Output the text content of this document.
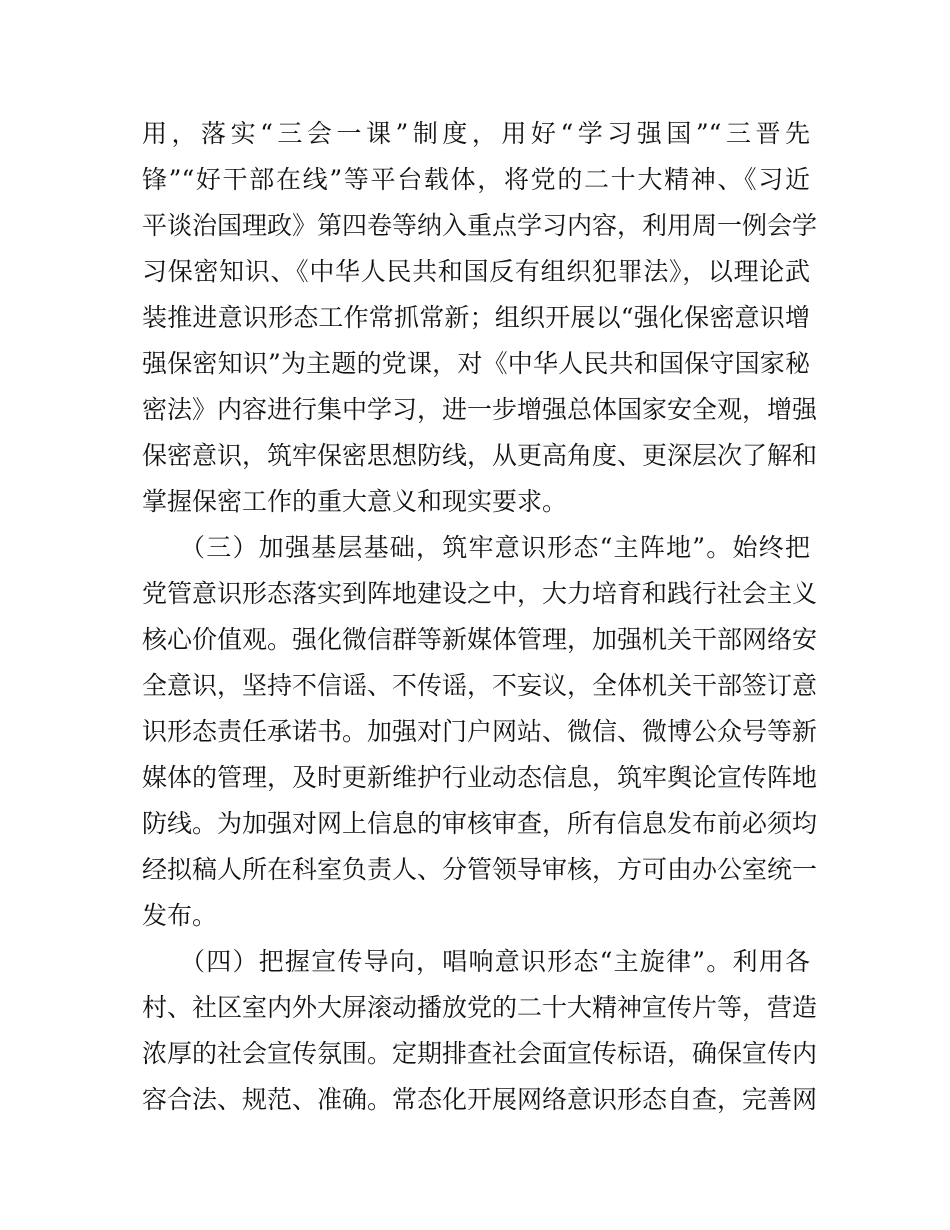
用，落实“三会一课”制度，用好“学习强国”“三晋先
锋”“好干部在线”等平台载体，将党的二十大精神、《习近
平谈治国理政》第四卷等纳入重点学习内容，利用周一例会学
习保密知识、《中华人民共和国反有组织犯罪法》，以理论武
装推进意识形态工作常抓常新；组织开展以“强化保密意识增
强保密知识”为主题的党课，对《中华人民共和国保守国家秘
密法》内容进行集中学习，进一步增强总体国家安全观，增强
保密意识，筑牢保密思想防线，从更高角度、更深层次了解和
掌握保密工作的重大意义和现实要求。
（三）加强基层基础，筑牢意识形态“主阵地”。始终把
党管意识形态落实到阵地建设之中，大力培育和践行社会主义
核心价值观。强化微信群等新媒体管理，加强机关干部网络安
全意识，坚持不信谣、不传谣，不妄议，全体机关干部签订意
识形态责任承诺书。加强对门户网站、微信、微博公众号等新
媒体的管理，及时更新维护行业动态信息，筑牢舆论宣传阵地
防线。为加强对网上信息的审核审查，所有信息发布前必须均
经拟稿人所在科室负责人、分管领导审核，方可由办公室统一
发布。
（四）把握宣传导向，唱响意识形态“主旋律”。利用各
村、社区室内外大屏滚动播放党的二十大精神宣传片等，营造
浓厚的社会宣传氛围。定期排查社会面宣传标语，确保宣传内
容合法、规范、准确。常态化开展网络意识形态自查，完善网
